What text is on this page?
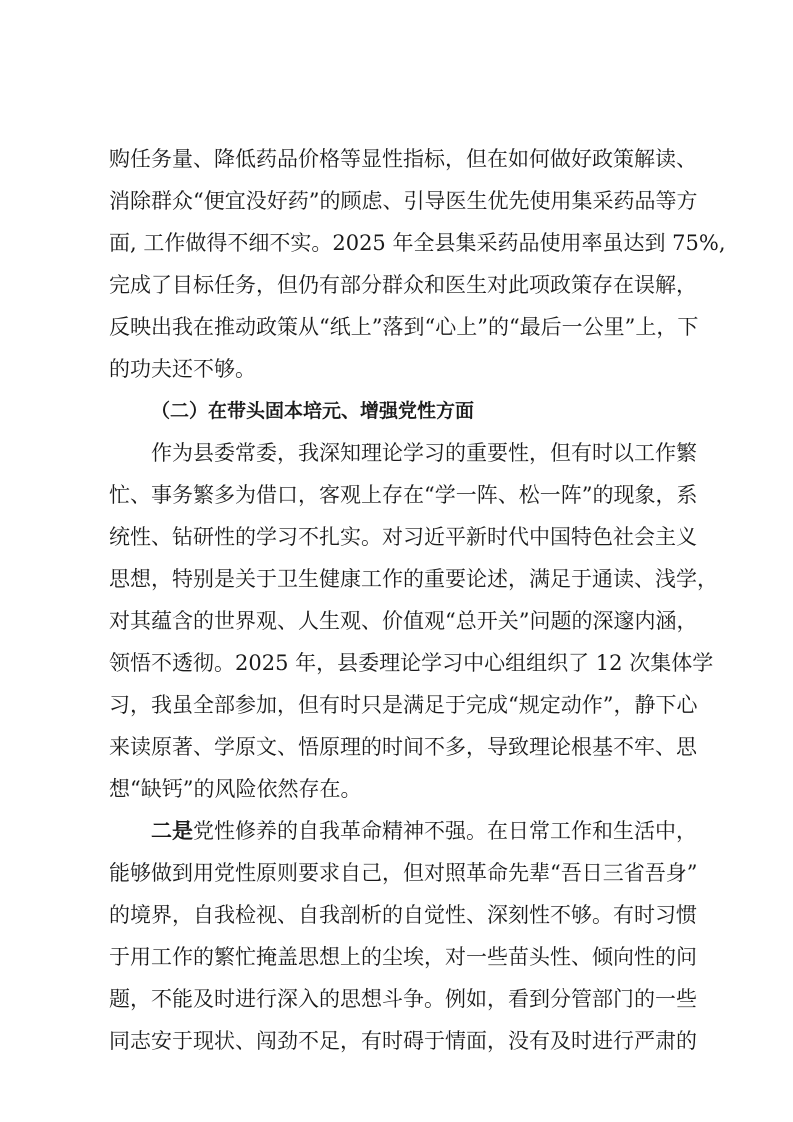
购任务量、降低药品价格等显性指标，但在如何做好政策解读、
消除群众“便宜没好药”的顾虑、引导医生优先使用集采药品等方
面, 工作做得不细不实。2025 年全县集采药品使用率虽达到 75%,
完成了目标任务，但仍有部分群众和医生对此项政策存在误解，
反映出我在推动政策从“纸上”落到“心上”的“最后一公里”上，下
的功夫还不够。
（二）在带头固本培元、增强党性方面
作为县委常委，我深知理论学习的重要性，但有时以工作繁
忙、事务繁多为借口，客观上存在“学一阵、松一阵”的现象，系
统性、钻研性的学习不扎实。对习近平新时代中国特色社会主义
思想，特别是关于卫生健康工作的重要论述，满足于通读、浅学，
对其蕴含的世界观、人生观、价值观“总开关”问题的深邃内涵，
领悟不透彻。2025 年，县委理论学习中心组组织了 12 次集体学
习，我虽全部参加，但有时只是满足于完成“规定动作”，静下心
来读原著、学原文、悟原理的时间不多，导致理论根基不牢、思
想“缺钙”的风险依然存在。
二是党性修养的自我革命精神不强。在日常工作和生活中，
能够做到用党性原则要求自己，但对照革命先辈“吾日三省吾身”
的境界，自我检视、自我剖析的自觉性、深刻性不够。有时习惯
于用工作的繁忙掩盖思想上的尘埃，对一些苗头性、倾向性的问
题，不能及时进行深入的思想斗争。例如，看到分管部门的一些
同志安于现状、闯劲不足，有时碍于情面，没有及时进行严肃的
